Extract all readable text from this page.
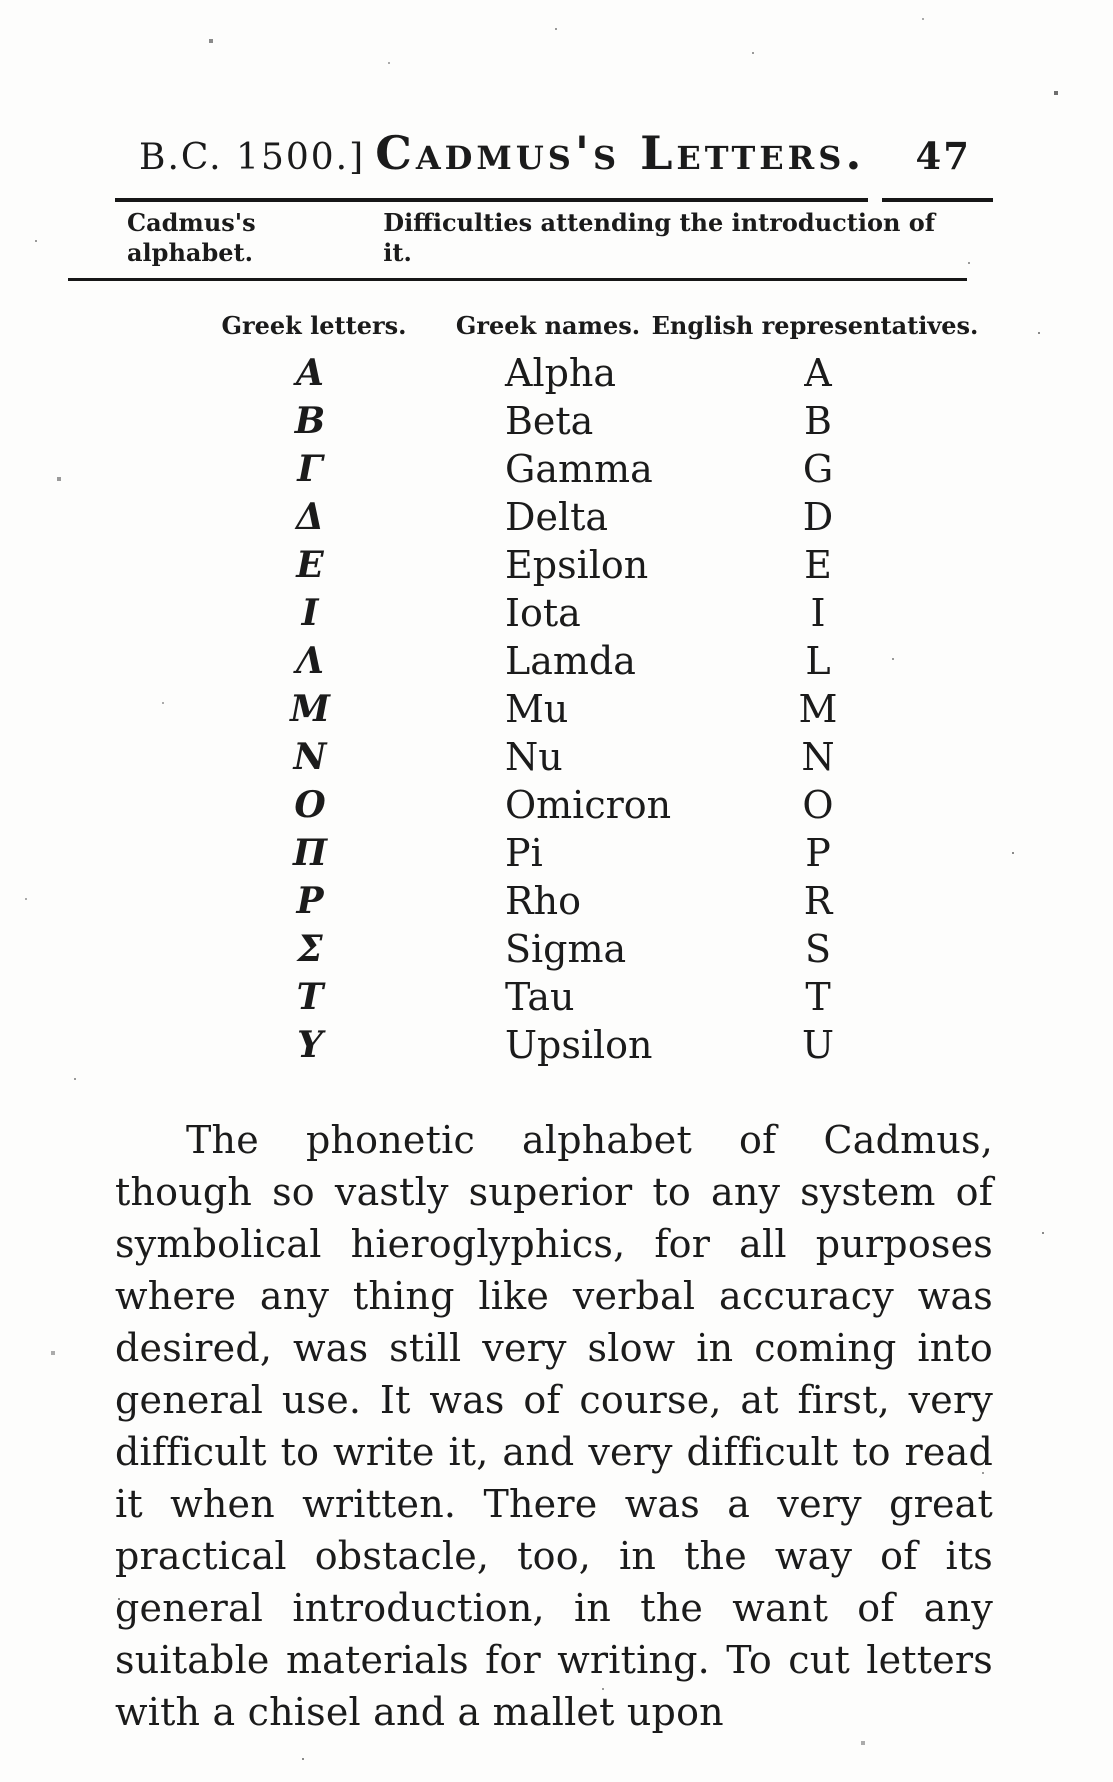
B.C. 1500.] Cadmus's Letters.	47
Cadmus's alphabet.
Difficulties attending the introduction of it.
Greek letters. Greek names. English representatives.
Α	Alpha	A
Β	Beta	B
Γ	Gamma	G
Δ	Delta	D
Ε	Epsilon	E
Ι	Iota	I
Λ	Lamda	L
Μ	Mu	M
Ν	Nu	N
Ο	Omicron	O
Π	Pi	P
Ρ	Rho	R
Σ	Sigma	S
Τ	Tau	T
Υ	Upsilon	U

The phonetic alphabet of Cadmus, though so vastly superior to any system of symbolical hieroglyphics, for all purposes where any thing like verbal accuracy was desired, was still very slow in coming into general use. It was of course, at first, very difficult to write it, and very difficult to read it when written. There was a very great practical obstacle, too, in the way of its general introduction, in the want of any suitable materials for writing. To cut letters with a chisel and a mallet upon
